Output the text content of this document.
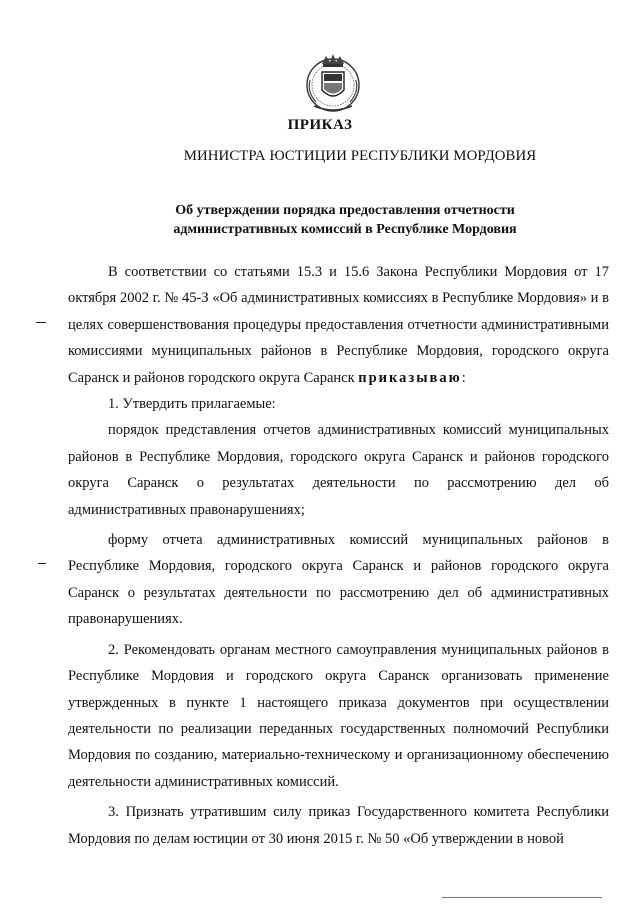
ПРИКАЗ
МИНИСТРА ЮСТИЦИИ РЕСПУБЛИКИ МОРДОВИЯ
Об утверждении порядка предоставления отчетности
административных комиссий в Республике Мордовия

В соответствии со статьями 15.3 и 15.6 Закона Республики Мордовия от 17 октября 2002 г. № 45-З «Об административных комиссиях в Республике Мордовия» и в целях совершенствования процедуры предоставления отчетности административными комиссиями муниципальных районов в Республике Мордовия, городского округа Саранск и районов городского округа Саранск приказываю:

1. Утвердить прилагаемые:

порядок представления отчетов административных комиссий муниципальных районов в Республике Мордовия, городского округа Саранск и районов городского округа Саранск о результатах деятельности по рассмотрению дел об административных правонарушениях;

форму отчета административных комиссий муниципальных районов в Республике Мордовия, городского округа Саранск и районов городского округа Саранск о результатах деятельности по рассмотрению дел об административных правонарушениях.

2. Рекомендовать органам местного самоуправления муниципальных районов в Республике Мордовия и городского округа Саранск организовать применение утвержденных в пункте 1 настоящего приказа документов при осуществлении деятельности по реализации переданных государственных полномочий Республики Мордовия по созданию, материально-техническому и организационному обеспечению деятельности административных комиссий.

3. Признать утратившим силу приказ Государственного комитета Республики Мордовия по делам юстиции от 30 июня 2015 г. № 50 «Об утверждении в новой
